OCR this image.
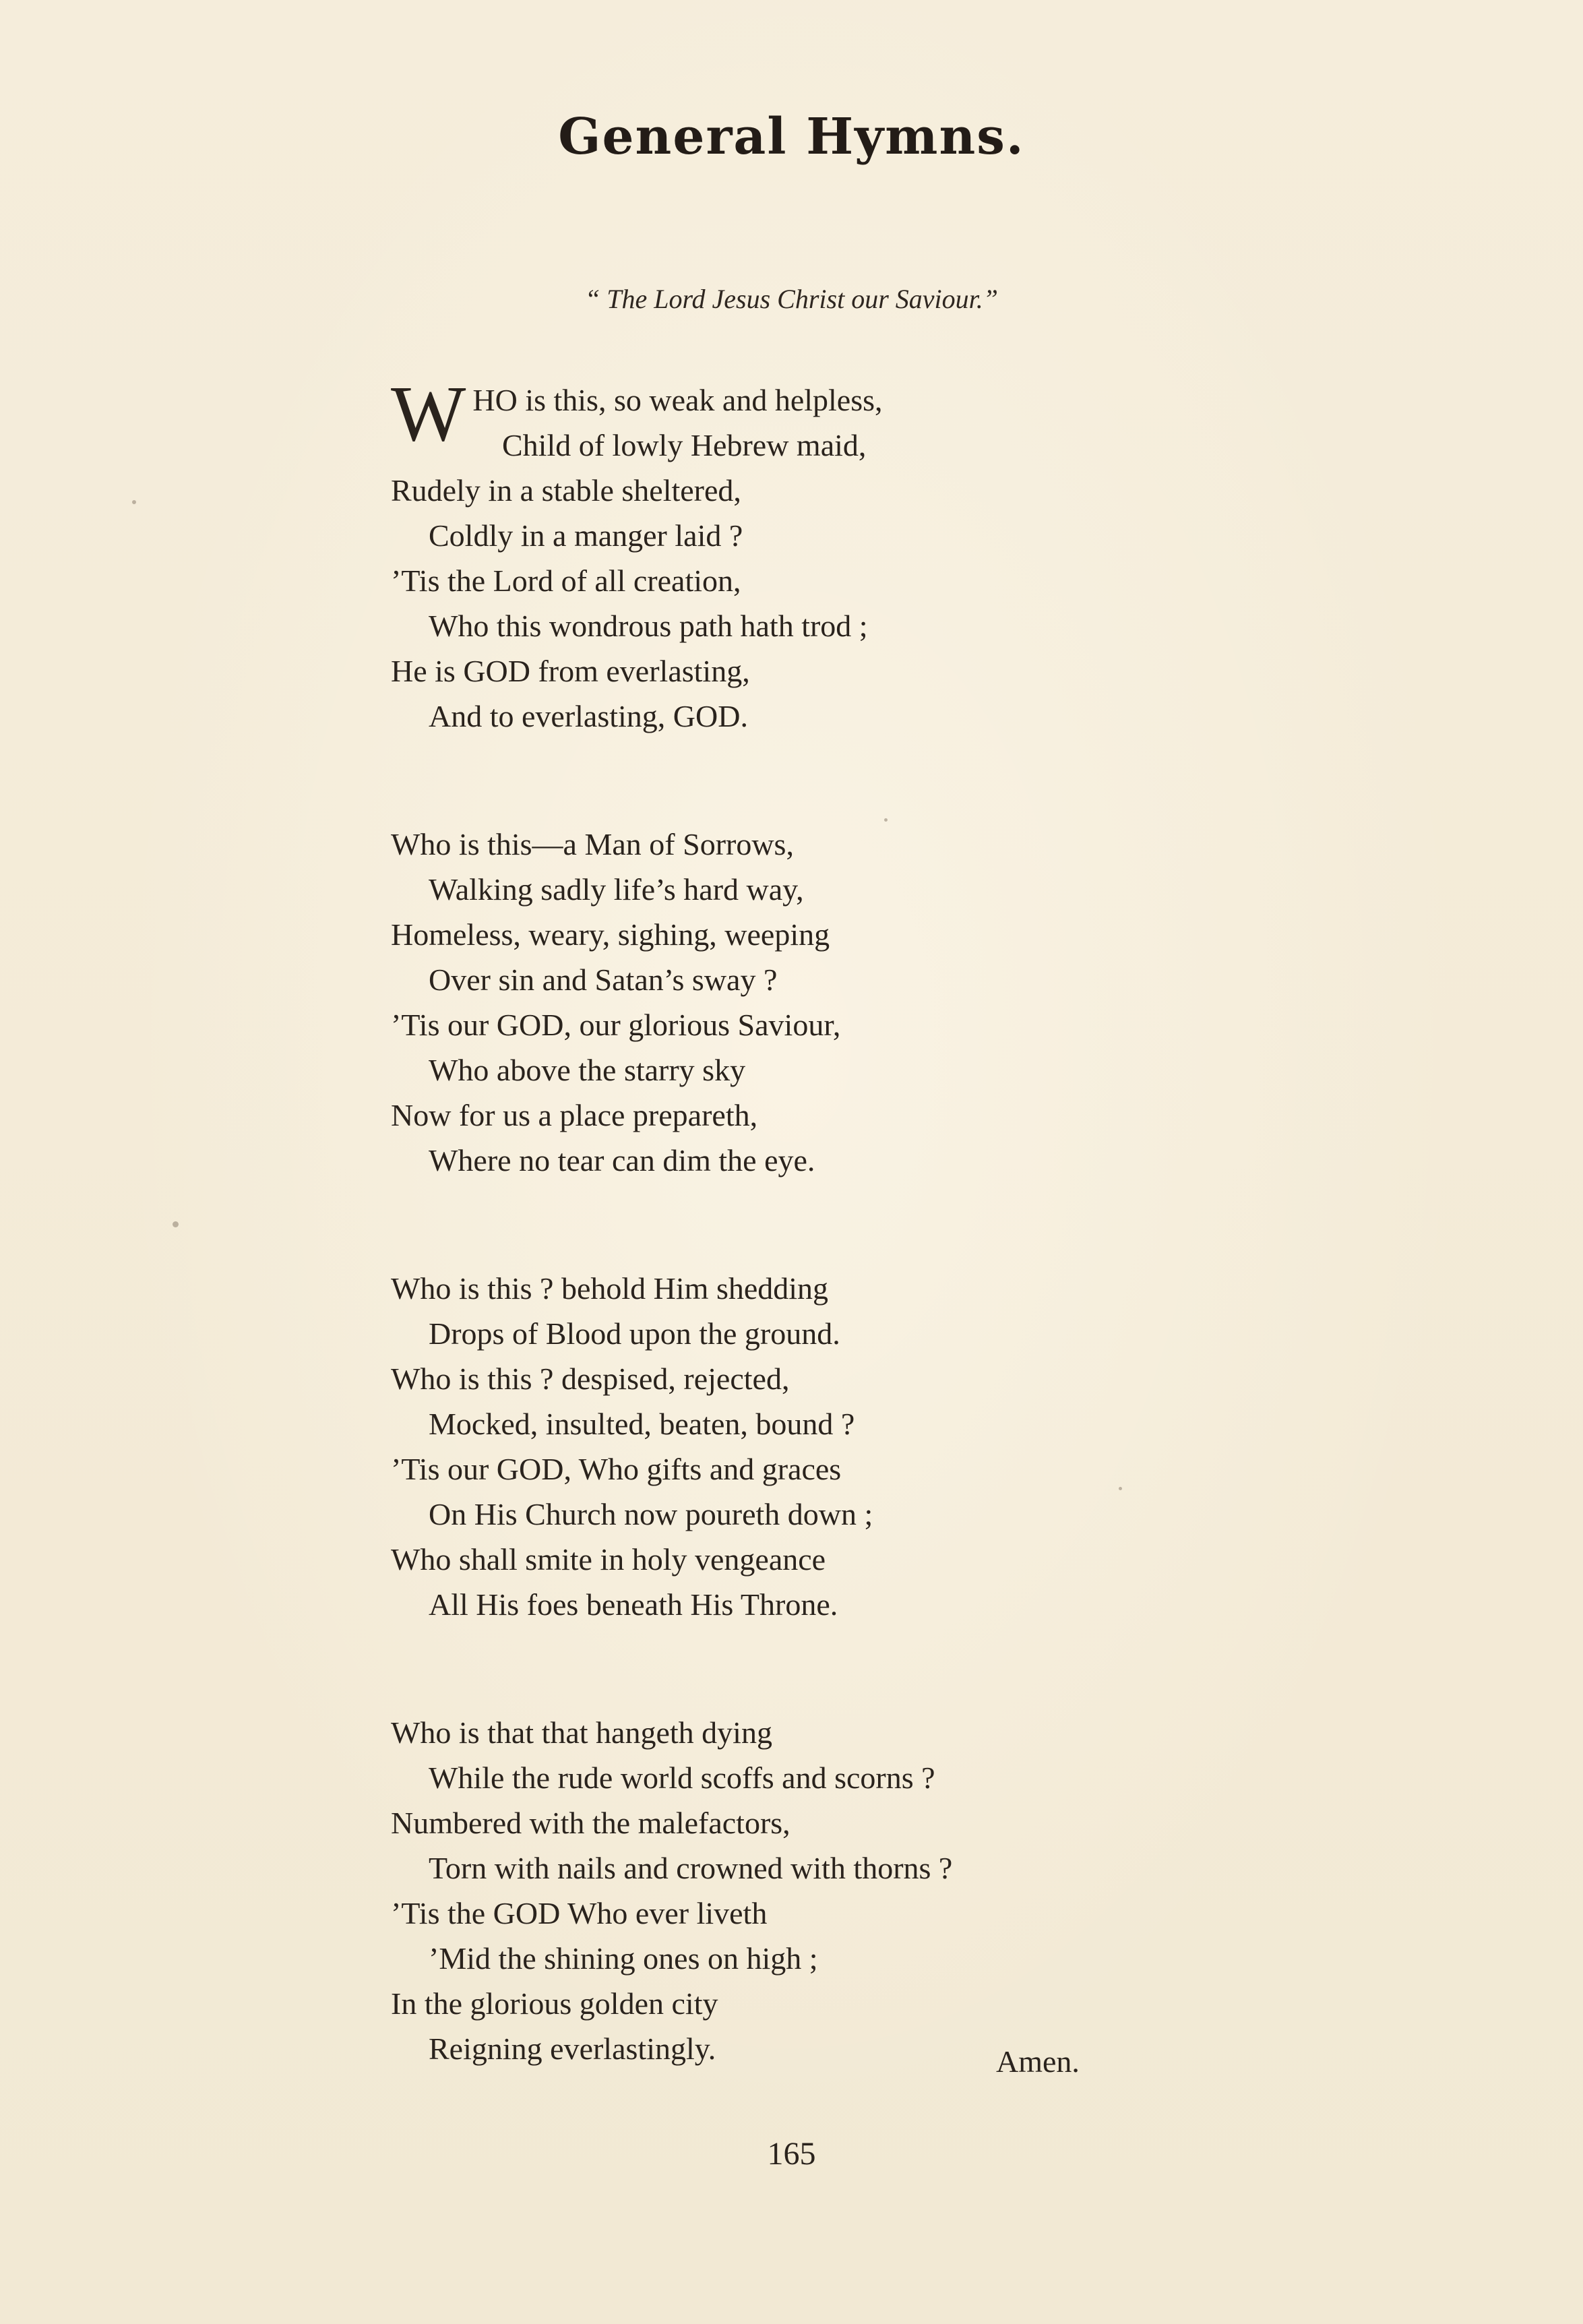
General Hymns.
“ The Lord Jesus Christ our Saviour.”
W HO is this, so weak and helpless,
Child of lowly Hebrew maid,
Rudely in a stable sheltered,
Coldly in a manger laid ?
’Tis the Lord of all creation,
Who this wondrous path hath trod ;
He is GOD from everlasting,
And to everlasting, GOD.
Who is this—a Man of Sorrows,
Walking sadly life’s hard way,
Homeless, weary, sighing, weeping
Over sin and Satan’s sway ?
’Tis our GOD, our glorious Saviour,
Who above the starry sky
Now for us a place prepareth,
Where no tear can dim the eye.
Who is this ? behold Him shedding
Drops of Blood upon the ground.
Who is this ? despised, rejected,
Mocked, insulted, beaten, bound ?
’Tis our GOD, Who gifts and graces
On His Church now poureth down ;
Who shall smite in holy vengeance
All His foes beneath His Throne.
Who is that that hangeth dying
While the rude world scoffs and scorns ?
Numbered with the malefactors,
Torn with nails and crowned with thorns ?
’Tis the GOD Who ever liveth
’Mid the shining ones on high ;
In the glorious golden city
Reigning everlastingly.	Amen.
165
